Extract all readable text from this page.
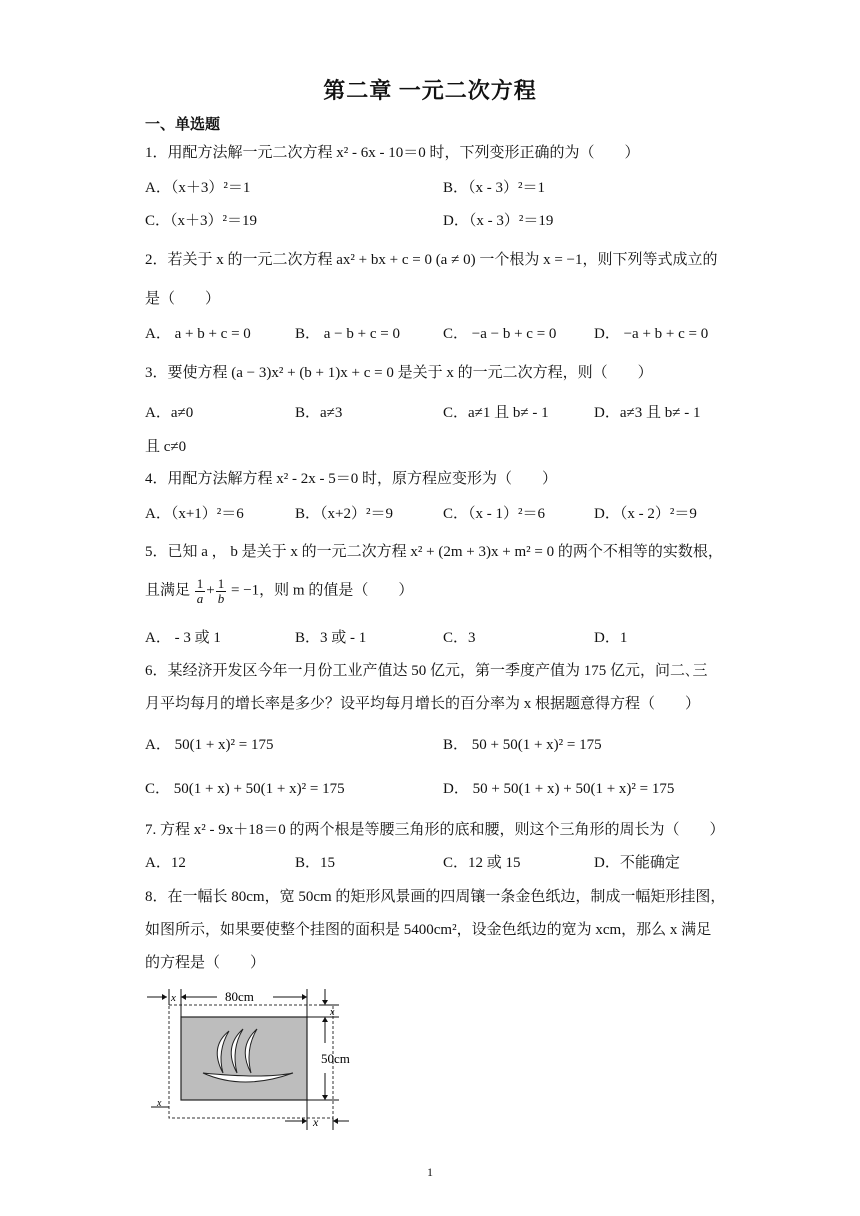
第二章 一元二次方程
一、单选题
1．用配方法解一元二次方程 x² ‐ 6x ‐ 10＝0 时，下列变形正确的为（　　）
A．（x＋3）²＝1	B．（x ‐ 3）²＝1
C．（x＋3）²＝19	D．（x ‐ 3）²＝19
2．若关于 x 的一元二次方程 ax² + bx + c = 0 (a ≠ 0) 一个根为 x = −1，则下列等式成立的
是（　　）
A． a + b + c = 0	B． a − b + c = 0	C． −a − b + c = 0	D． −a + b + c = 0
3．要使方程 (a − 3)x² + (b + 1)x + c = 0 是关于 x 的一元二次方程，则（　　）
A．a≠0	B．a≠3	C．a≠1 且 b≠ ‐ 1	D．a≠3 且 b≠ ‐ 1
且 c≠0
4．用配方法解方程 x² ‐ 2x ‐ 5＝0 时，原方程应变形为（　　）
A．（x+1）²＝6	B．（x+2）²＝9	C．（x ‐ 1）²＝6	D．（x ‐ 2）²＝9
5．已知 a ， b 是关于 x 的一元二次方程 x² + (2m + 3)x + m² = 0 的两个不相等的实数根，
且满足 $\frac{1}{a} + \frac{1}{b} = -1$，则 m 的值是（　　）
A． ‐ 3 或 1	B．3 或 ‐ 1	C．3	D．1
6．某经济开发区今年一月份工业产值达 50 亿元，第一季度产值为 175 亿元，问二､三
月平均每月的增长率是多少？设平均每月增长的百分率为 x 根据题意得方程（　　）
A． 50(1 + x)² = 175	B． 50 + 50(1 + x)² = 175
C． 50(1 + x) + 50(1 + x)² = 175	D． 50 + 50(1 + x) + 50(1 + x)² = 175
7. 方程 x² ‐ 9x＋18＝0 的两个根是等腰三角形的底和腰，则这个三角形的周长为（　　）
A．12	B．15	C．12 或 15	D．不能确定
8．在一幅长 80cm，宽 50cm 的矩形风景画的四周镶一条金色纸边，制成一幅矩形挂图，
如图所示，如果要使整个挂图的面积是 5400cm²，设金色纸边的宽为 xcm，那么 x 满足
的方程是（　　）
80cm
50cm
x
x
x
x
1
